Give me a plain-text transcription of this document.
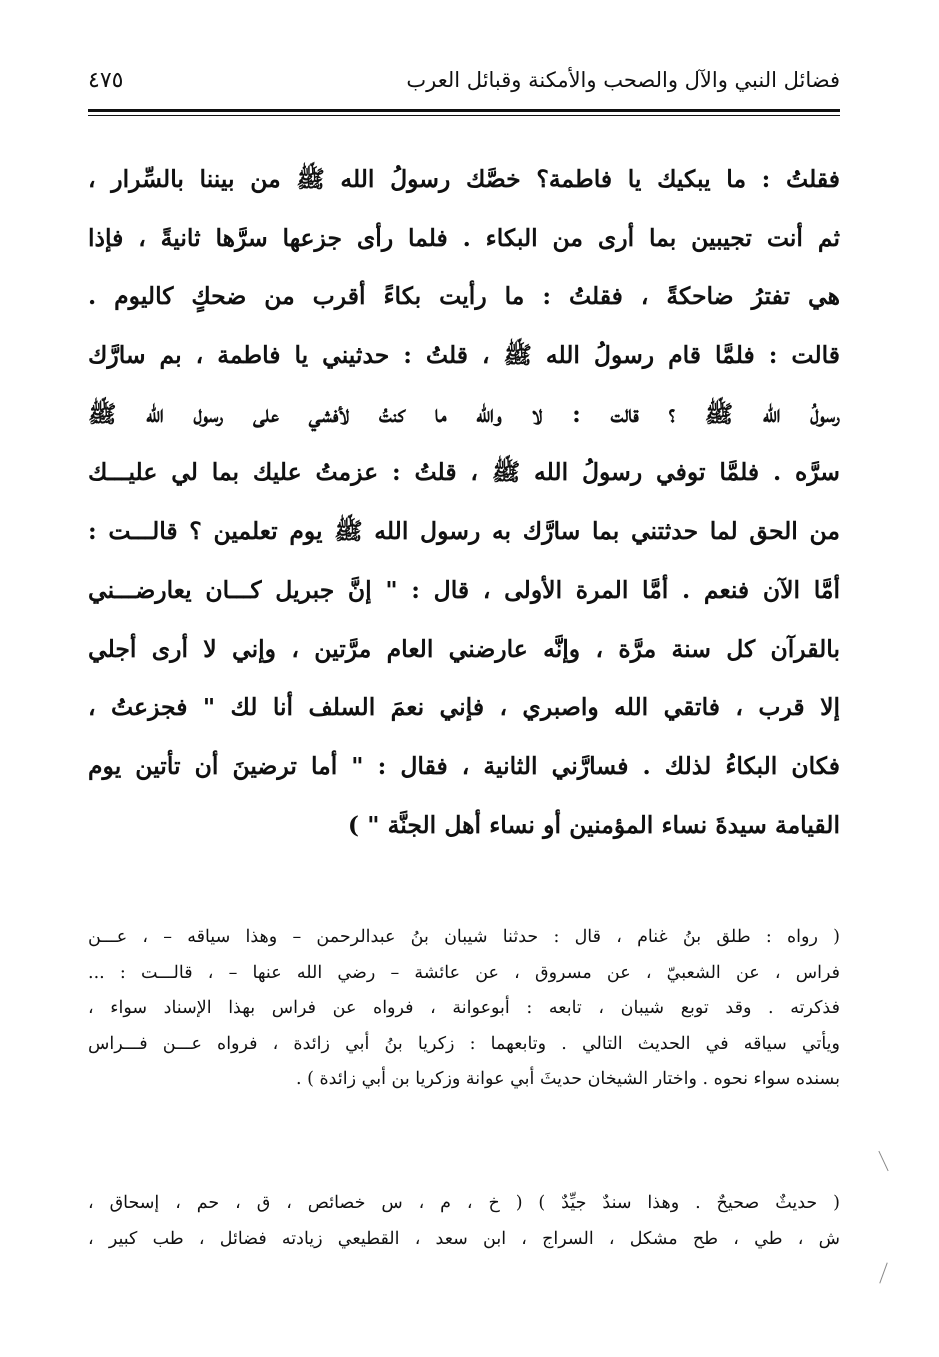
فضائل النبي والآل والصحب والأمكنة وقبائل العرب
٤٧٥
فقلتُ : ما يبكيك يا فاطمة؟ خصَّك رسولُ الله ﷺ من بيننا بالسِّرار ،
ثم أنت تجيبين بما أرى من البكاء . فلما رأى جزعها سرَّها ثانيةً ، فإذا
هي تفترُ ضاحكةً ، فقلتُ : ما رأيت بكاءً أقرب من ضحكٍ كاليوم .
قالت : فلمَّا قام رسولُ الله ﷺ ، قلتُ : حدثيني يا فاطمة ، بم سارَّك
رسولُ الله ﷺ ؟ قالت : لا والله ما كنتُ لأفشي على رسول الله ﷺ
سرَّه . فلمَّا توفي رسولُ الله ﷺ ، قلتُ : عزمتُ عليك بما لي عليـــك
من الحق لما حدثتني بما سارَّك به رسول الله ﷺ يوم تعلمين ؟ قالـــت :
أمَّا الآن فنعم . أمَّا المرة الأولى ، قال : " إنَّ جبريل كـــان يعارضـــني
بالقرآن كل سنة مرَّة ، وإنَّه عارضني العام مرَّتين ، وإني لا أرى أجلي
إلا قرب ، فاتقي الله واصبري ، فإني نعمَ السلف أنا لك " فجزعتُ ،
فكان البكاءُ لذلك . فسارَّني الثانية ، فقال : " أما ترضينَ أن تأتين يوم
القيامة سيدةَ نساء المؤمنين أو نساء أهل الجنَّة " )
( رواه : طلق بنُ غنام ، قال : حدثنا شيبان بنُ عبدالرحمن – وهذا سياقه – ، عـــن
فراس ، عن الشعبيّ ، عن مسروق ، عن عائشة – رضي الله عنها – ، قالـــت : ...
فذكرته . وقد توبع شيبان ، تابعه : أبوعوانة ، فرواه عن فراس بهذا الإسناد سواء ،
ويأتي سياقه في الحديث التالي . وتابعهما : زكريا بنُ أبي زائدة ، فرواه عـــن فـــراس
بسنده سواء نحوه . واختار الشيخان حديثَ أبي عوانة وزكريا بن أبي زائدة ) .
( حديثٌ صحيحٌ . وهذا سندٌ جيِّدٌ ) ( خ ، م ، س خصائص ، ق ، حم ، إسحاق ،
ش ، طي ، طح مشكل ، السراج ، ابن سعد ، القطيعي زيادته فضائل ، طب كبير ،
